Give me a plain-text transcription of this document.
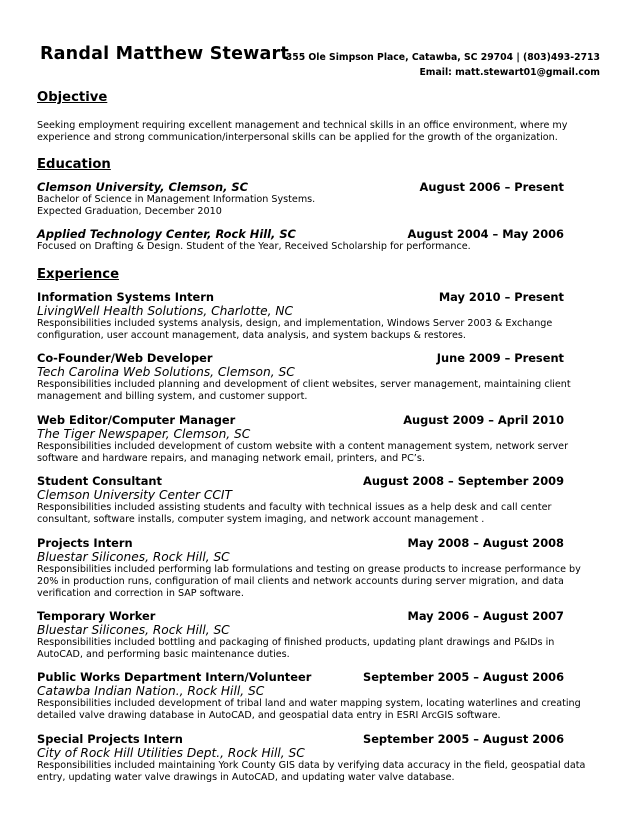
Randal Matthew Stewart
355 Ole Simpson Place, Catawba, SC 29704 | (803)493-2713
Email: matt.stewart01@gmail.com
Objective
Seeking employment requiring excellent management and technical skills in an office environment, where my experience and strong communication/interpersonal skills can be applied for the growth of the organization.
Education
Clemson University, Clemson, SC	August 2006 – Present
Bachelor of Science in Management Information Systems.
Expected Graduation, December 2010
Applied Technology Center, Rock Hill, SC	August 2004 – May 2006
Focused on Drafting & Design. Student of the Year, Received Scholarship for performance.
Experience
Information Systems Intern	May 2010 – Present
LivingWell Health Solutions, Charlotte, NC
Responsibilities included systems analysis, design, and implementation, Windows Server 2003 & Exchange configuration, user account management, data analysis, and system backups & restores.
Co-Founder/Web Developer	June 2009 – Present
Tech Carolina Web Solutions, Clemson, SC
Responsibilities included planning and development of client websites, server management, maintaining client management and billing system, and customer support.
Web Editor/Computer Manager	August 2009 – April 2010
The Tiger Newspaper, Clemson, SC
Responsibilities included development of custom website with a content management system, network server software and hardware repairs, and managing network email, printers, and PC’s.
Student Consultant	August 2008 – September 2009
Clemson University Center CCIT
Responsibilities included assisting students and faculty with technical issues as a help desk and call center consultant, software installs, computer system imaging, and network account management .
Projects Intern	May 2008 – August 2008
Bluestar Silicones, Rock Hill, SC
Responsibilities included performing lab formulations and testing on grease products to increase performance by 20% in production runs, configuration of mail clients and network accounts during server migration, and data verification and correction in SAP software.
Temporary Worker	May 2006 – August 2007
Bluestar Silicones, Rock Hill, SC
Responsibilities included bottling and packaging of finished products, updating plant drawings and P&IDs in AutoCAD, and performing basic maintenance duties.
Public Works Department Intern/Volunteer	September 2005 – August 2006
Catawba Indian Nation., Rock Hill, SC
Responsibilities included development of tribal land and water mapping system, locating waterlines and creating detailed valve drawing database in AutoCAD, and geospatial data entry in ESRI ArcGIS software.
Special Projects Intern	September 2005 – August 2006
City of Rock Hill Utilities Dept., Rock Hill, SC
Responsibilities included maintaining York County GIS data by verifying data accuracy in the field, geospatial data entry, updating water valve drawings in AutoCAD, and updating water valve database.
